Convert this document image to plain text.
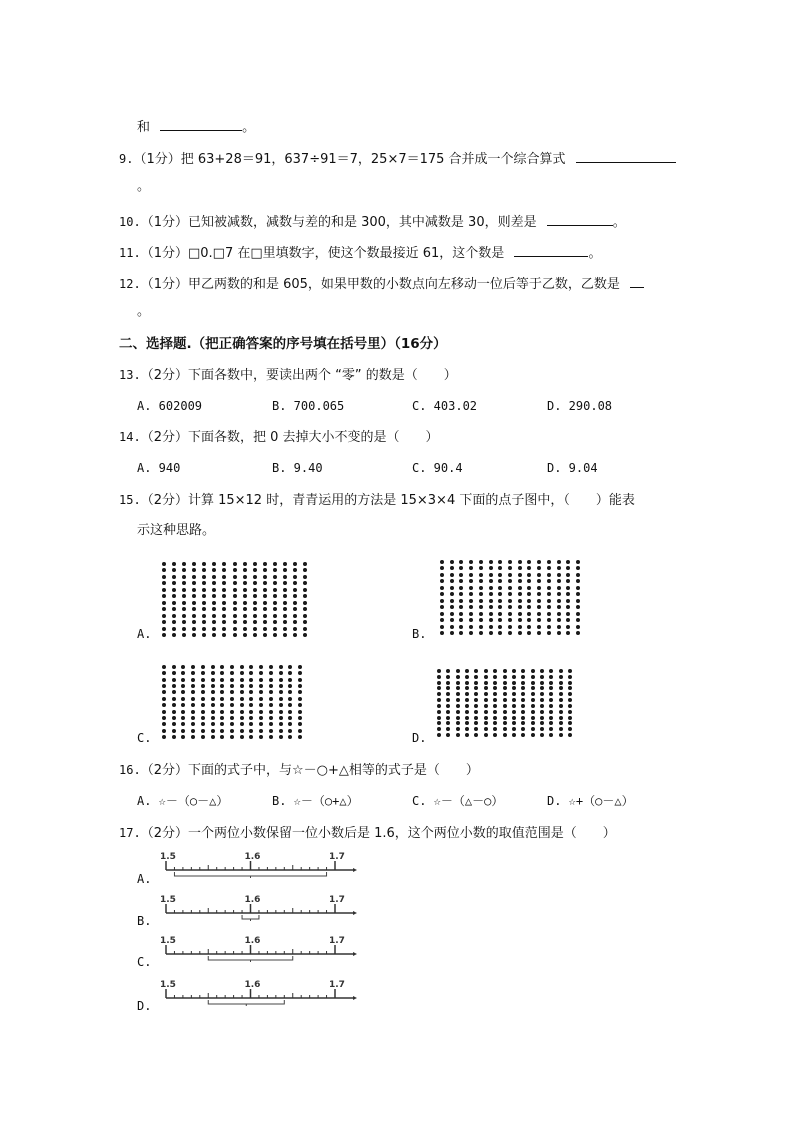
和	。
9.（1分）把 63+28＝91，637÷91＝7，25×7＝175 合并成一个综合算式
。
10.（1分）已知被减数，减数与差的和是 300，其中减数是 30，则差是	。
11.（1分）□0.□7 在□里填数字，使这个数最接近 61，这个数是	。
12.（1分）甲乙两数的和是 605，如果甲数的小数点向左移动一位后等于乙数，乙数是
。
二、选择题.（把正确答案的序号填在括号里）（16分）
13.（2分）下面各数中，要读出两个 “零” 的数是（　　）
A. 602009	B. 700.065	C. 403.02	D. 290.08
14.（2分）下面各数，把 0 去掉大小不变的是（　　）
A. 940	B. 9.40	C. 90.4	D. 9.04
15.（2分）计算 15×12 时，青青运用的方法是 15×3×4 下面的点子图中，（　　）能表
示这种思路。
A.	B.
C.	D.
16.（2分）下面的式子中，与☆－○+△相等的式子是（　　）
A. ☆－（○－△）	B. ☆－（○+△）	C. ☆－（△－○）	D. ☆+（○－△）
17.（2分）一个两位小数保留一位小数后是 1.6，这个两位小数的取值范围是（　　）
A.
1.5	1.6	1.7
B.
1.5	1.6	1.7
C.
1.5	1.6	1.7
D.
1.5	1.6	1.7
